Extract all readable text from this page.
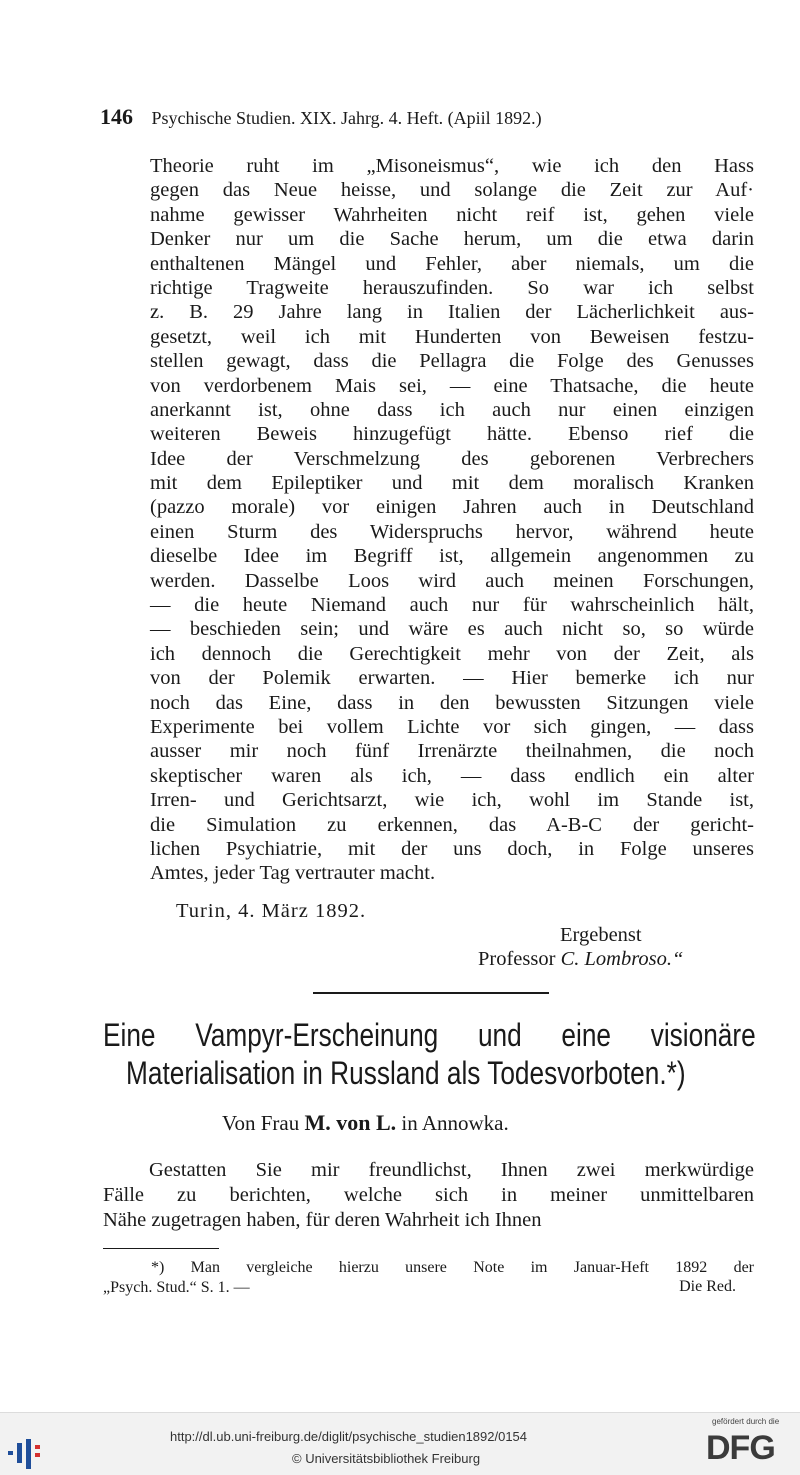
146 Psychische Studien. XIX. Jahrg. 4. Heft. (Apiil 1892.)
Theorie ruht im „Misoneismus“, wie ich den Hass
gegen das Neue heisse, und solange die Zeit zur Auf·
nahme gewisser Wahrheiten nicht reif ist, gehen viele
Denker nur um die Sache herum, um die etwa darin
enthaltenen Mängel und Fehler, aber niemals, um die
richtige Tragweite herauszufinden. So war ich selbst
z. B. 29 Jahre lang in Italien der Lächerlichkeit aus-
gesetzt, weil ich mit Hunderten von Beweisen festzu-
stellen gewagt, dass die Pellagra die Folge des Genusses
von verdorbenem Mais sei, — eine Thatsache, die heute
anerkannt ist, ohne dass ich auch nur einen einzigen
weiteren Beweis hinzugefügt hätte. Ebenso rief die
Idee der Verschmelzung des geborenen Verbrechers
mit dem Epileptiker und mit dem moralisch Kranken
(pazzo morale) vor einigen Jahren auch in Deutschland
einen Sturm des Widerspruchs hervor, während heute
dieselbe Idee im Begriff ist, allgemein angenommen zu
werden. Dasselbe Loos wird auch meinen Forschungen,
— die heute Niemand auch nur für wahrscheinlich hält,
— beschieden sein; und wäre es auch nicht so, so würde
ich dennoch die Gerechtigkeit mehr von der Zeit, als
von der Polemik erwarten. — Hier bemerke ich nur
noch das Eine, dass in den bewussten Sitzungen viele
Experimente bei vollem Lichte vor sich gingen, — dass
ausser mir noch fünf Irrenärzte theilnahmen, die noch
skeptischer waren als ich, — dass endlich ein alter
Irren- und Gerichtsarzt, wie ich, wohl im Stande ist,
die Simulation zu erkennen, das A-B-C der gericht-
lichen Psychiatrie, mit der uns doch, in Folge unseres
Amtes, jeder Tag vertrauter macht.
Turin, 4. März 1892.
Ergebenst
Professor C. Lombroso.“
Eine Vampyr-Erscheinung und eine visionäre
Materialisation in Russland als Todesvorboten.*)
Von Frau M. von L. in Annowka.
Gestatten Sie mir freundlichst, Ihnen zwei merkwürdige
Fälle zu berichten, welche sich in meiner unmittelbaren
Nähe zugetragen haben, für deren Wahrheit ich Ihnen
*) Man vergleiche hierzu unsere Note im Januar-Heft 1892 der
„Psych. Stud.“ S. 1. —	Die Red.
http://dl.ub.uni-freiburg.de/diglit/psychische_studien1892/0154
© Universitätsbibliothek Freiburg
gefördert durch die
DFG
